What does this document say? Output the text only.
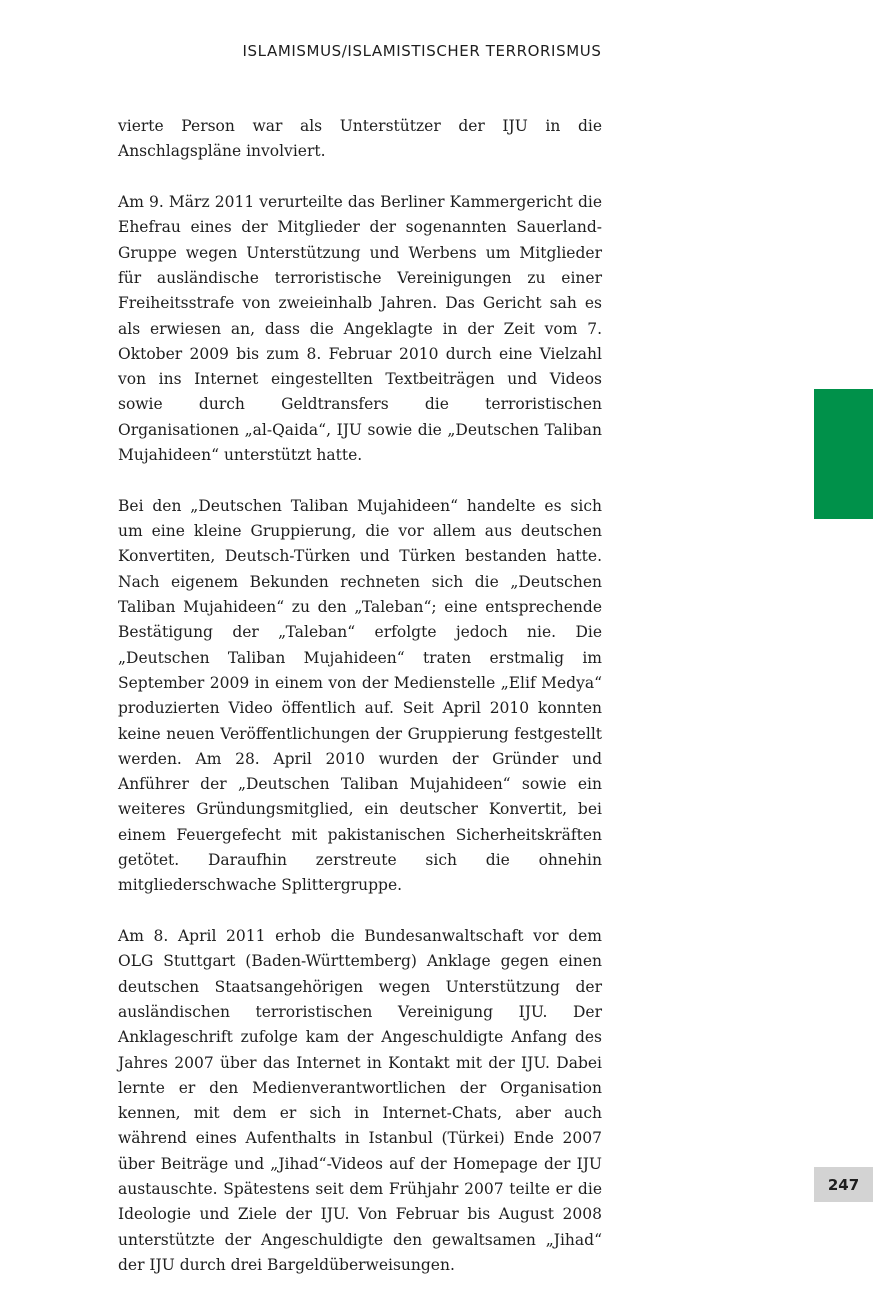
ISLAMISMUS/ISLAMISTISCHER TERRORISMUS

vierte Person war als Unterstützer der IJU in die Anschlagspläne involviert.

Am 9. März 2011 verurteilte das Berliner Kammergericht die Ehefrau eines der Mitglieder der sogenannten Sauerland-Gruppe wegen Unterstützung und Werbens um Mitglieder für ausländische terroristische Vereinigungen zu einer Freiheitsstrafe von zweieinhalb Jahren. Das Gericht sah es als erwiesen an, dass die Angeklagte in der Zeit vom 7. Oktober 2009 bis zum 8. Februar 2010 durch eine Vielzahl von ins Internet eingestellten Textbeiträgen und Videos sowie durch Geldtransfers die terroristischen Organisationen „al-Qaida“, IJU sowie die „Deutschen Taliban Mujahideen“ unterstützt hatte.

Bei den „Deutschen Taliban Mujahideen“ handelte es sich um eine kleine Gruppierung, die vor allem aus deutschen Konvertiten, Deutsch-Türken und Türken bestanden hatte. Nach eigenem Bekunden rechneten sich die „Deutschen Taliban Mujahideen“ zu den „Taleban“; eine entsprechende Bestätigung der „Taleban“ erfolgte jedoch nie. Die „Deutschen Taliban Mujahideen“ traten erstmalig im September 2009 in einem von der Medienstelle „Elif Medya“ produzierten Video öffentlich auf. Seit April 2010 konnten keine neuen Veröffentlichungen der Gruppierung festgestellt werden. Am 28. April 2010 wurden der Gründer und Anführer der „Deutschen Taliban Mujahideen“ sowie ein weiteres Gründungsmitglied, ein deutscher Konvertit, bei einem Feuergefecht mit pakistanischen Sicherheitskräften getötet. Daraufhin zerstreute sich die ohnehin mitgliederschwache Splittergruppe.

Am 8. April 2011 erhob die Bundesanwaltschaft vor dem OLG Stuttgart (Baden-Württemberg) Anklage gegen einen deutschen Staatsangehörigen wegen Unterstützung der ausländischen terroristischen Vereinigung IJU. Der Anklageschrift zufolge kam der Angeschuldigte Anfang des Jahres 2007 über das Internet in Kontakt mit der IJU. Dabei lernte er den Medienverantwortlichen der Organisation kennen, mit dem er sich in Internet-Chats, aber auch während eines Aufenthalts in Istanbul (Türkei) Ende 2007 über Beiträge und „Jihad“-Videos auf der Homepage der IJU austauschte. Spätestens seit dem Frühjahr 2007 teilte er die Ideologie und Ziele der IJU. Von Februar bis August 2008 unterstützte der Angeschuldigte den gewaltsamen „Jihad“ der IJU durch drei Bargeldüberweisungen.

247
